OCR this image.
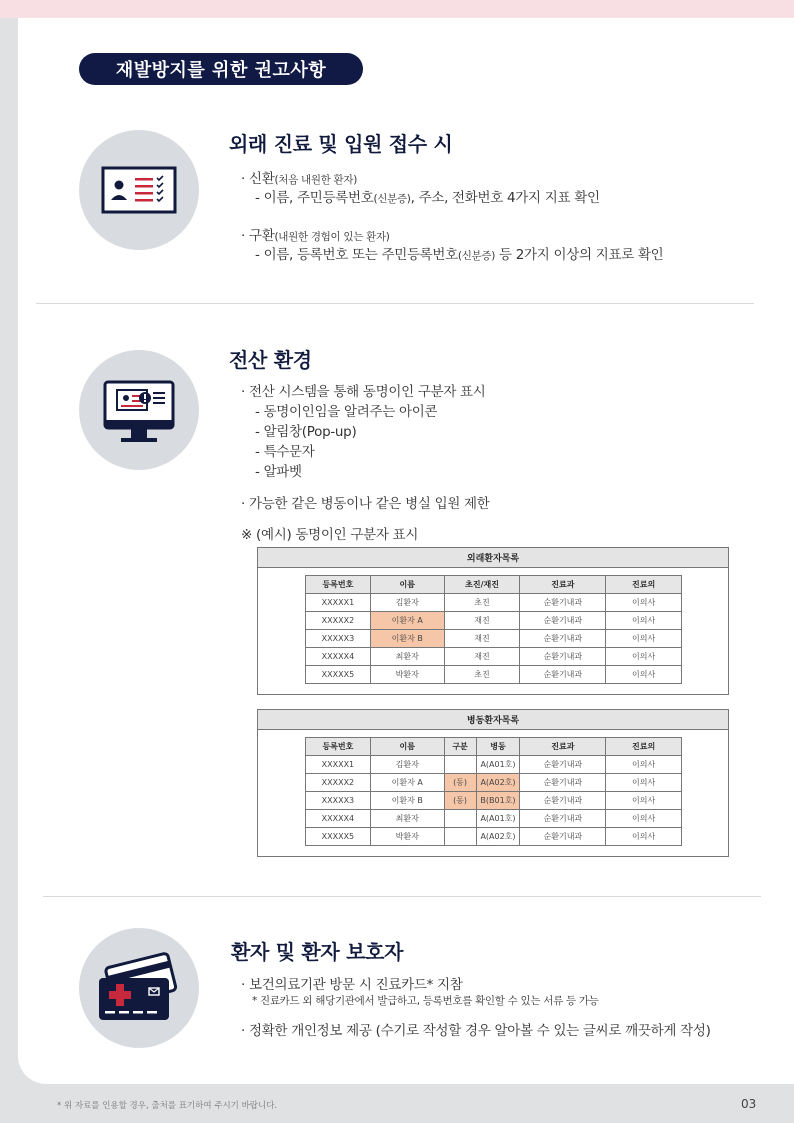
재발방지를 위한 권고사항
외래 진료 및 입원 접수 시
· 신환(처음 내원한 환자)
- 이름, 주민등록번호(신분증), 주소, 전화번호 4가지 지표 확인
· 구환(내원한 경험이 있는 환자)
- 이름, 등록번호 또는 주민등록번호(신분증) 등 2가지 이상의 지표로 확인
전산 환경
· 전산 시스템을 통해 동명이인 구분자 표시
- 동명이인임을 알려주는 아이콘
- 알림창(Pop-up)
- 특수문자
- 알파벳
· 가능한 같은 병동이나 같은 병실 입원 제한
※ (예시) 동명이인 구분자 표시
외래환자목록
등록번호	이름	초진/재진	진료과	진료의
XXXXX1	김환자	초진	순환기내과	이의사
XXXXX2	이환자 A	재진	순환기내과	이의사
XXXXX3	이환자 B	재진	순환기내과	이의사
XXXXX4	최환자	재진	순환기내과	이의사
XXXXX5	박환자	초진	순환기내과	이의사
병동환자목록
등록번호	이름	구분	병동	진료과	진료의
XXXXX1	김환자		A(A01호)	순환기내과	이의사
XXXXX2	이환자 A	(동)	A(A02호)	순환기내과	이의사
XXXXX3	이환자 B	(동)	B(B01호)	순환기내과	이의사
XXXXX4	최환자		A(A01호)	순환기내과	이의사
XXXXX5	박환자		A(A02호)	순환기내과	이의사
환자 및 환자 보호자
· 보건의료기관 방문 시 진료카드* 지참
* 진료카드 외 해당기관에서 발급하고, 등록번호를 확인할 수 있는 서류 등 가능
· 정확한 개인정보 제공 (수기로 작성할 경우 알아볼 수 있는 글씨로 깨끗하게 작성)
* 위 자료를 인용할 경우, 출처를 표기하여 주시기 바랍니다.	03
